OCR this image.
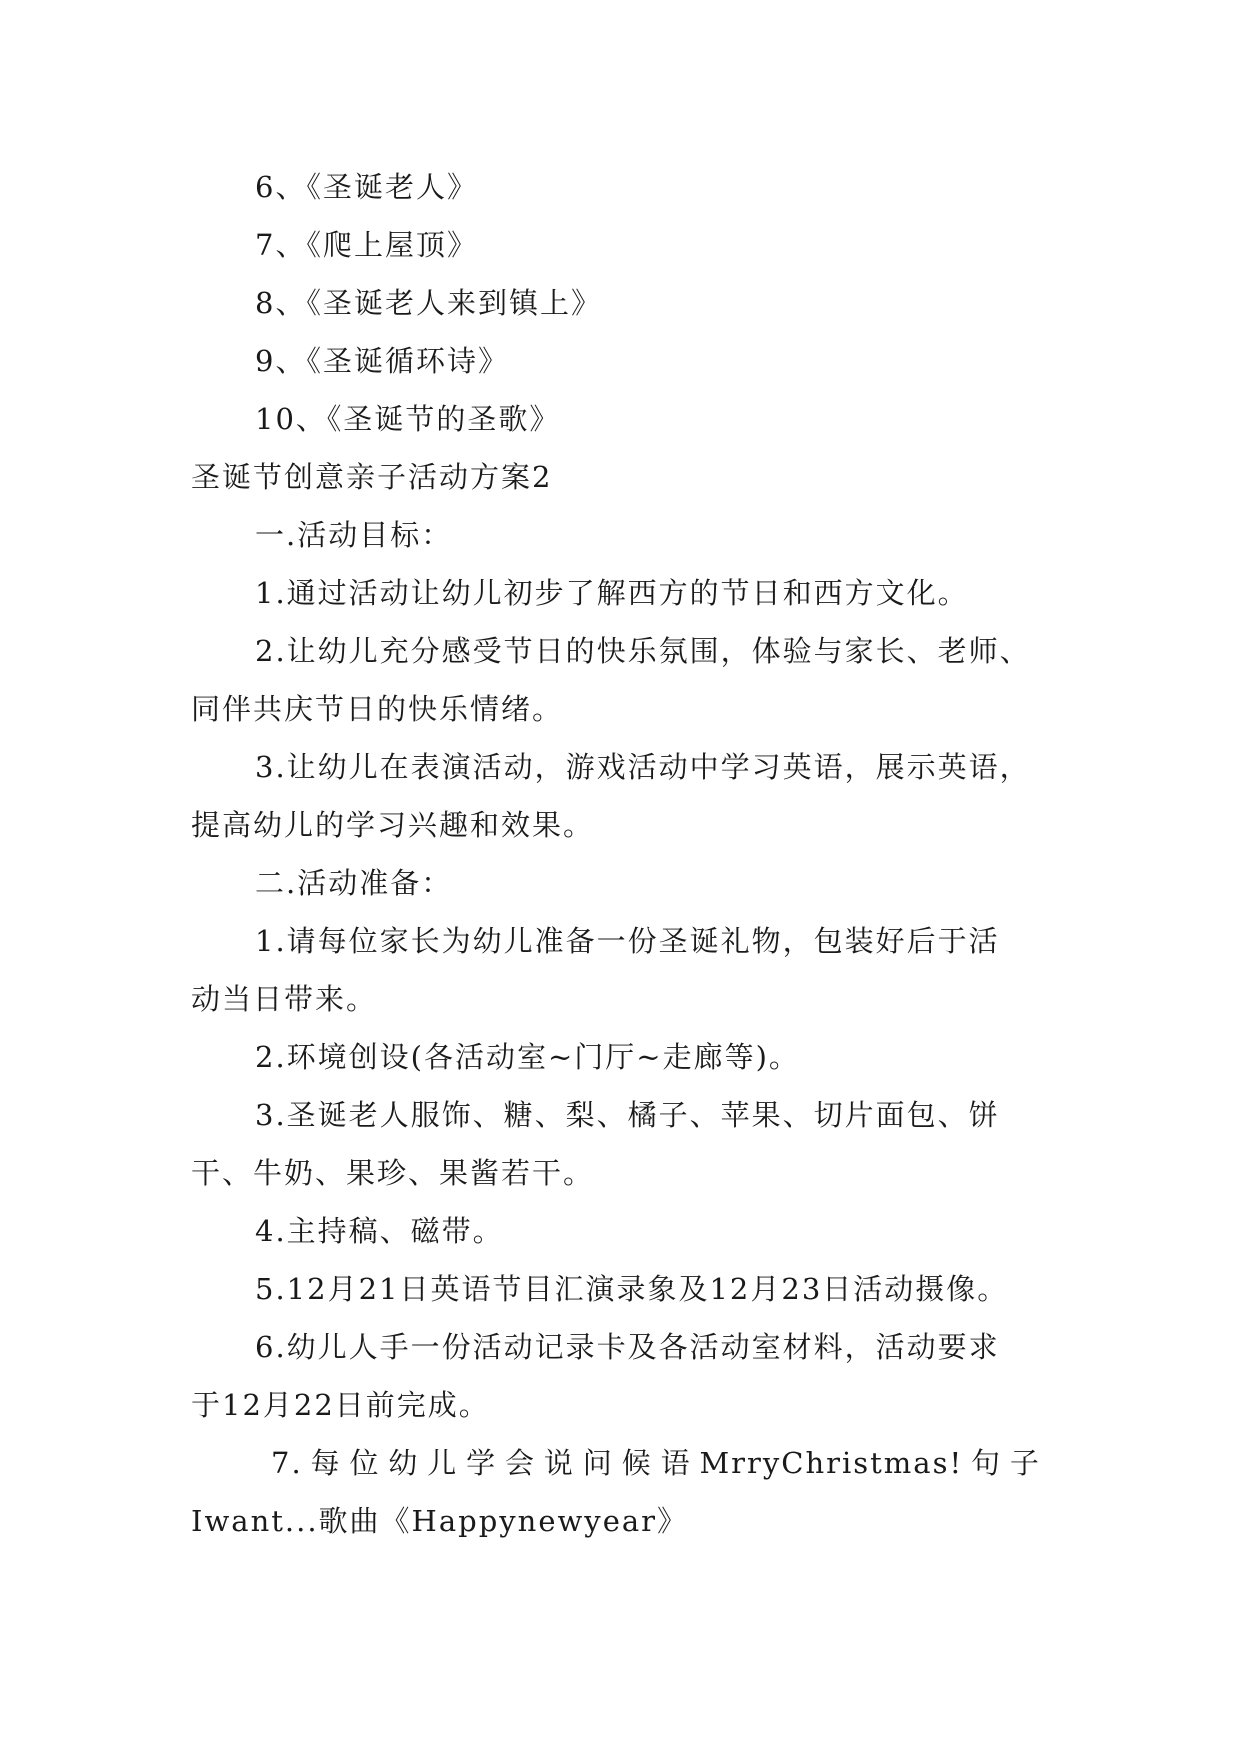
6、《圣诞老人》
7、《爬上屋顶》
8、《圣诞老人来到镇上》
9、《圣诞循环诗》
10、《圣诞节的圣歌》
圣诞节创意亲子活动方案2
一.活动目标：
1.通过活动让幼儿初步了解西方的节日和西方文化。
2.让幼儿充分感受节日的快乐氛围，体验与家长、老师、
同伴共庆节日的快乐情绪。
3.让幼儿在表演活动，游戏活动中学习英语，展示英语，
提高幼儿的学习兴趣和效果。
二.活动准备：
1.请每位家长为幼儿准备一份圣诞礼物，包装好后于活
动当日带来。
2.环境创设(各活动室~门厅~走廊等)。
3.圣诞老人服饰、糖、梨、橘子、苹果、切片面包、饼
干、牛奶、果珍、果酱若干。
4.主持稿、磁带。
5.12月21日英语节目汇演录象及12月23日活动摄像。
6.幼儿人手一份活动记录卡及各活动室材料，活动要求
于12月22日前完成。
7. 每 位 幼 儿 学 会 说 问 候 语 MrryChristmas! 句 子
Iwant...歌曲《Happynewyear》
